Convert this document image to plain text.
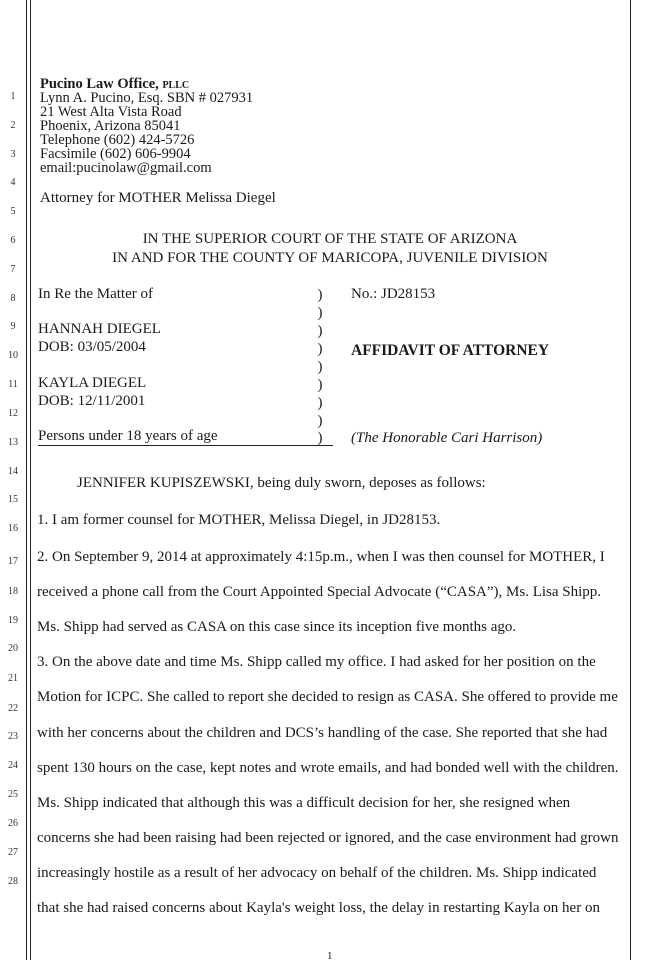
1
2
3
4
5
6
7
8
9
10
11
12
13
14
15
16
17
18
19
20
21
22
23
24
25
26
27
28
Pucino Law Office, PLLC
Lynn A. Pucino, Esq. SBN # 027931
21 West Alta Vista Road
Phoenix, Arizona 85041
Telephone (602) 424-5726
Facsimile (602) 606-9904
email:pucinolaw@gmail.com
Attorney for MOTHER Melissa Diegel
IN THE SUPERIOR COURT OF THE STATE OF ARIZONA
IN AND FOR THE COUNTY OF MARICOPA, JUVENILE DIVISION
In Re the Matter of
HANNAH DIEGEL
DOB: 03/05/2004
KAYLA DIEGEL
DOB: 12/11/2001
Persons under 18 years of age
)
)
)
)
)
)
)
)
)
No.: JD28153
AFFIDAVIT OF ATTORNEY
(The Honorable Cari Harrison)
JENNIFER KUPISZEWSKI, being duly sworn, deposes as follows:
1. I am former counsel for MOTHER, Melissa Diegel, in JD28153.
2. On September 9, 2014 at approximately 4:15p.m., when I was then counsel for MOTHER, I
received a phone call from the Court Appointed Special Advocate (“CASA”), Ms. Lisa Shipp.
Ms. Shipp had served as CASA on this case since its inception five months ago.
3. On the above date and time Ms. Shipp called my office. I had asked for her position on the
Motion for ICPC. She called to report she decided to resign as CASA. She offered to provide me
with her concerns about the children and DCS’s handling of the case. She reported that she had
spent 130 hours on the case, kept notes and wrote emails, and had bonded well with the children.
Ms. Shipp indicated that although this was a difficult decision for her, she resigned when
concerns she had been raising had been rejected or ignored, and the case environment had grown
increasingly hostile as a result of her advocacy on behalf of the children. Ms. Shipp indicated
that she had raised concerns about Kayla's weight loss, the delay in restarting Kayla on her on
1
